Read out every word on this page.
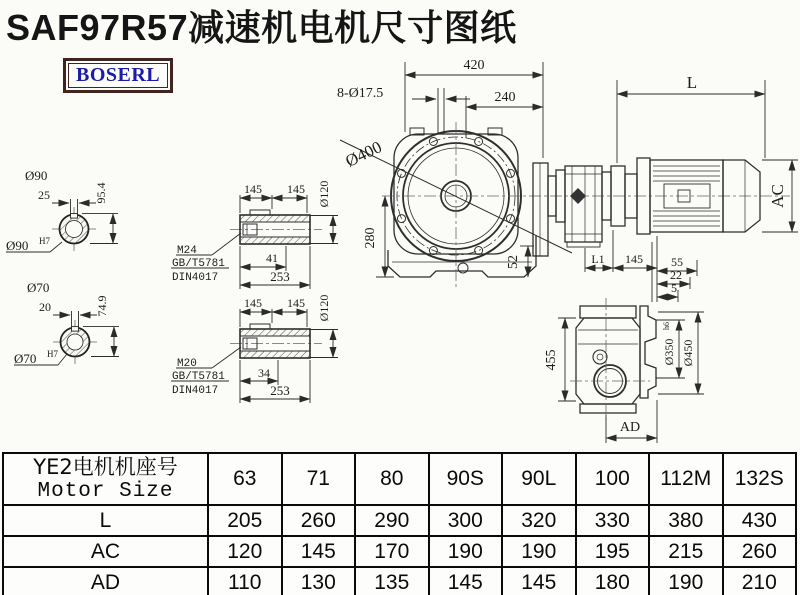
SAF97R57减速机电机尺寸图纸
BOSERL	420
8-Ø17.5	240
280
52
Ø400
L
AC
L1 145 55
22
5
455	Ø350
h6
Ø450
AD
Ø90
25	95.4
Ø90 H7
Ø70
20	74.9
Ø70 H7
145 145 Ø120
M24
GB/T5781
DIN4017
41
253
145 145 Ø120
M20
GB/T5781
DIN4017
34
253
YE2电机机座号
Motor Size	63	71	80	90S	90L	100	112M	132S
L	205	260	290	300	320	330	380	430
AC	120	145	170	190	190	195	215	260
AD	110	130	135	145	145	180	190	210
